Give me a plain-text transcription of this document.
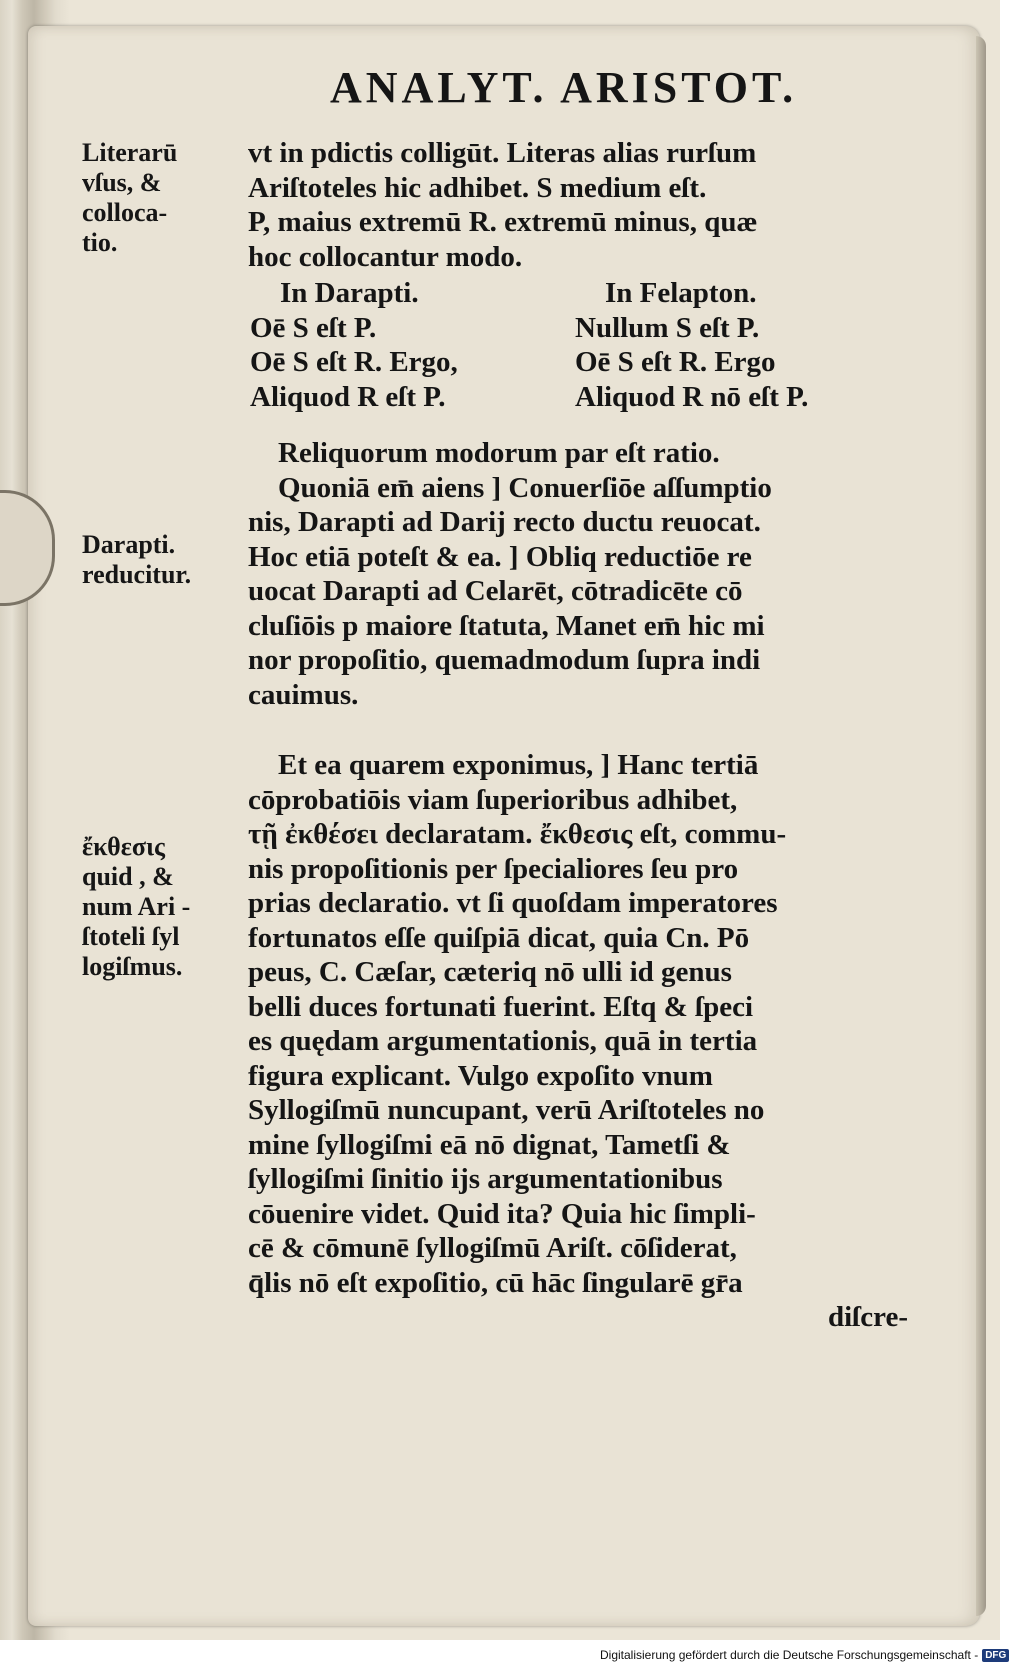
ANALYT. ARISTOT.
Literarū
vſus, &
colloca-
tio.
Darapti.
reducitur.
ἔκθεσις
quid , &
num Ari -
ſtoteli ſyl
logiſmus.
vt in pdictis colligūt. Literas alias rurſum
Ariſtoteles hic adhibet. S medium eſt.
P, maius extremū R. extremū minus, quæ
hoc collocantur modo.
In Darapti.	In Felapton.
Oē S eſt P.	Nullum S eſt P.
Oē S eſt R. Ergo,	Oē S eſt R. Ergo
Aliquod R eſt P.	Aliquod R nō eſt P.
Reliquorum modorum par eſt ratio.
Quoniā em̄ aiens ] Conuerſiōe aſſumptio
nis, Darapti ad Darij recto ductu reuocat.
Hoc etiā poteſt & ea. ] Obliq reductiōe re
uocat Darapti ad Celarēt, cōtradicēte cō
cluſiōis p maiore ſtatuta, Manet em̄ hic mi
nor propoſitio, quemadmodum ſupra indi
cauimus.
Et ea quarem exponimus, ] Hanc tertiā
cōprobatiōis viam ſuperioribus adhibet,
τῇ ἐκθέσει declaratam. ἔκθεσις eſt, commu-
nis propoſitionis per ſpecialiores ſeu pro
prias declaratio. vt ſi quoſdam imperatores
fortunatos eſſe quiſpiā dicat, quia Cn. Pō
peus, C. Cæſar, cæteriq nō ulli id genus
belli duces fortunati fuerint. Eſtq & ſpeci
es quędam argumentationis, quā in tertia
figura explicant. Vulgo expoſito vnum
Syllogiſmū nuncupant, verū Ariſtoteles no
mine ſyllogiſmi eā nō dignat, Tametſi &
ſyllogiſmi ſinitio ijs argumentationibus
cōuenire videt. Quid ita? Quia hic ſimpli-
cē & cōmunē ſyllogiſmū Ariſt. cōſiderat,
q̄lis nō eſt expoſitio, cū hāc ſingularē gr̄a
diſcre-
Digitalisierung gefördert durch die Deutsche Forschungsgemeinschaft - DFG
